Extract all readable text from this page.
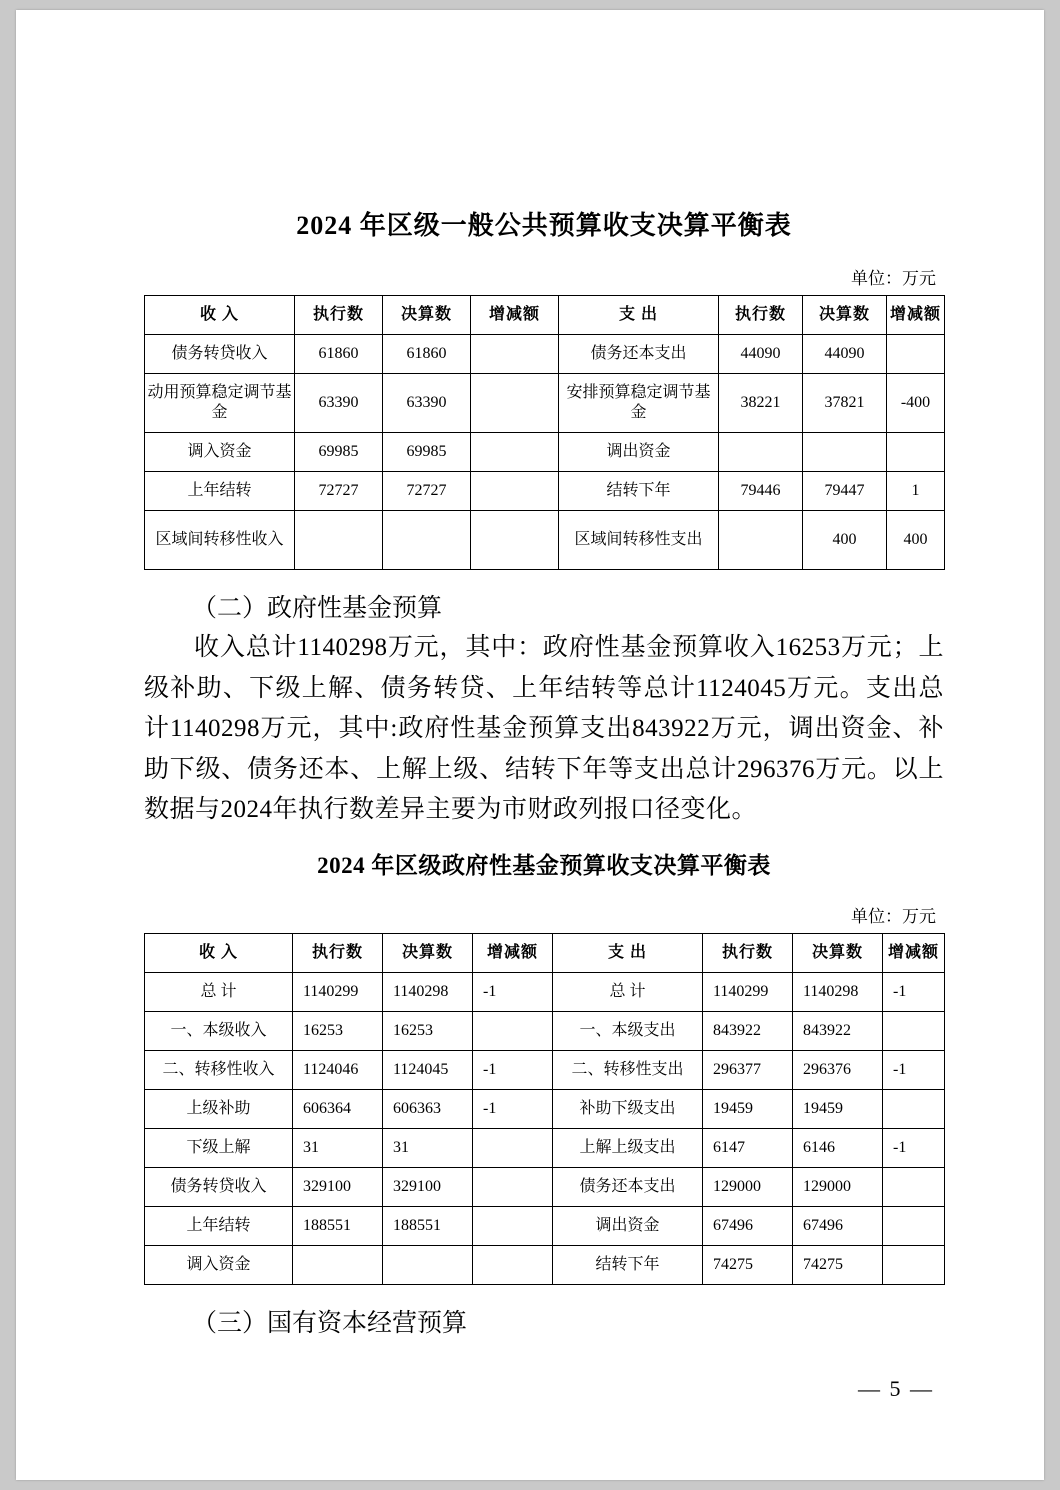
2024 年区级一般公共预算收支决算平衡表
单位：万元
收 入	执行数	决算数	增减额	支 出	执行数	决算数	增减额
债务转贷收入	61860	61860		债务还本支出	44090	44090	
动用预算稳定调节基金	63390	63390		安排预算稳定调节基金	38221	37821	-400
调入资金	69985	69985		调出资金			
上年结转	72727	72727		结转下年	79446	79447	1
区域间转移性收入				区域间转移性支出		400	400

（二）政府性基金预算

收入总计1140298万元，其中：政府性基金预算收入16253万元；上级补助、下级上解、债务转贷、上年结转等总计1124045万元。支出总计1140298万元，其中:政府性基金预算支出843922万元，调出资金、补助下级、债务还本、上解上级、结转下年等支出总计296376万元。以上数据与2024年执行数差异主要为市财政列报口径变化。

2024 年区级政府性基金预算收支决算平衡表
单位：万元
收 入	执行数	决算数	增减额	支 出	执行数	决算数	增减额
总 计	1140299	1140298	-1	总 计	1140299	1140298	-1
一、本级收入	16253	16253		一、本级支出	843922	843922	
二、转移性收入	1124046	1124045	-1	二、转移性支出	296377	296376	-1
上级补助	606364	606363	-1	补助下级支出	19459	19459	
下级上解	31	31		上解上级支出	6147	6146	-1
债务转贷收入	329100	329100		债务还本支出	129000	129000	
上年结转	188551	188551		调出资金	67496	67496	
调入资金				结转下年	74275	74275	

（三）国有资本经营预算

— 5 —
